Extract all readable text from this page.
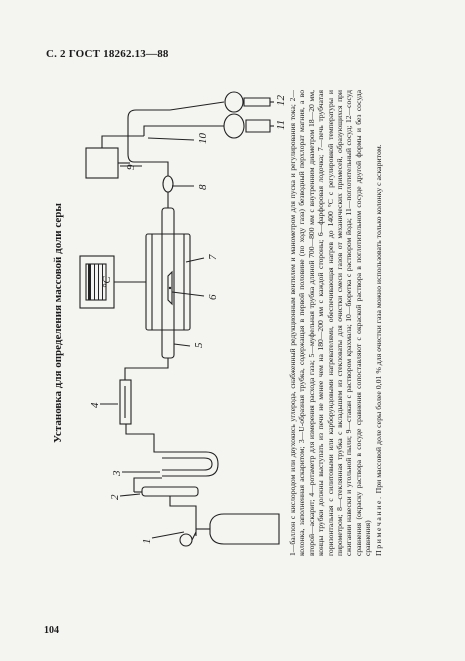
С. 2 ГОСТ 18262.13—88
Установка для определения массовой доли серы	°C
1
2
3
4
5
6
7
8
9
10
11
12 1—баллон с кислородом или двухокись углерода, снабженный редукционным вентилем и манометром для пуска и регулирования тока; 2—колонка, заполненная аскаритом; 3—U-образная трубка, содержащая в первой половине (по ходу газа) безводный перхлорат магния, а во второй—аскарит; 4—ротаметр для измерения расхода газа; 5—муфельная трубка длиной 700—800 мм с внутренним диаметром 18—20 мм, концы трубки должны выступать из печи не менее чем на 180—200 мм с каждой стороны; 6—фарфоровая лодочка; 7—печь трубчатая горизонтальная с силитовыми или карборундовыми нагревателями, обеспечивающая нагрев до 1400 °С с регулировкой температуры и пирометром; 8—стеклянная трубка с вкладышем из стекловаты для очистки смеси газов от механических примесей, образующихся при сжигании навески и угольной пыли; 9—стакан с раствором крахмала; 10—бюретка с раствором йода; 11—поглотительный сосуд; 12—сосуд сравнения (окраску раствора в сосуде сравнения сопоставляют с окраской раствора в поглотительном сосуде другой формы и без сосуда сравнения) Примечание. При массовой доле серы более 0,01 % для очистки газа можно использовать только колонку с аскаритом.
104
